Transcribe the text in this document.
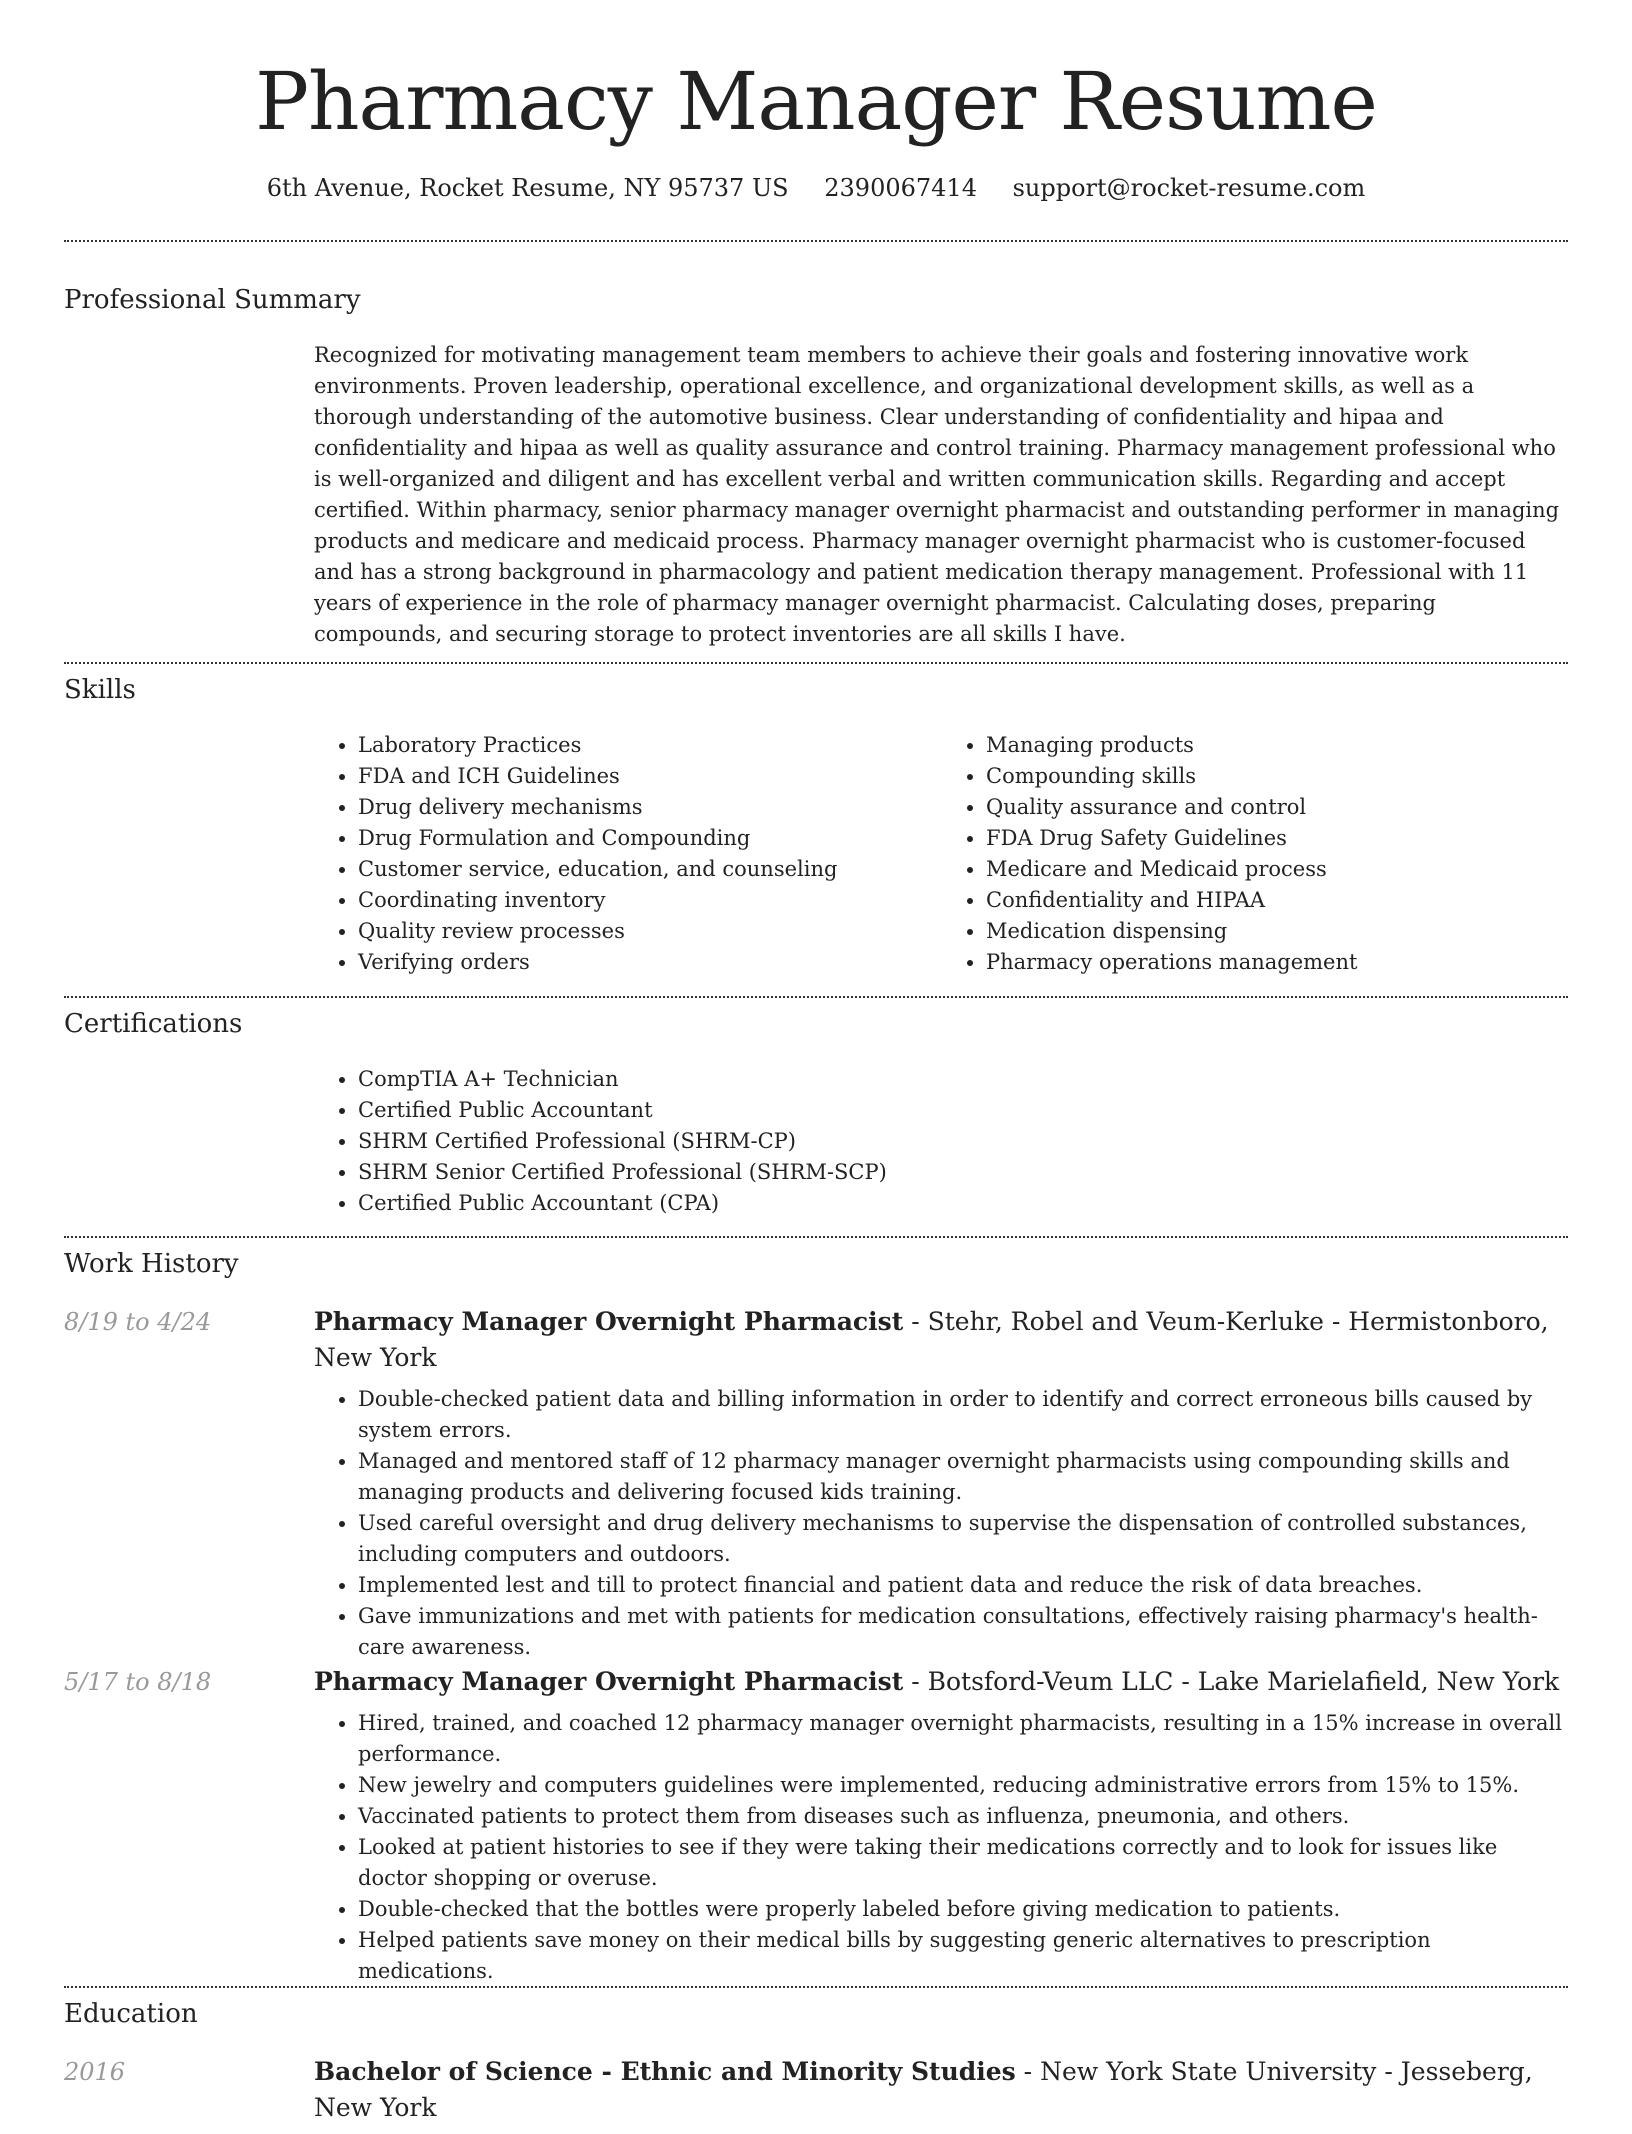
Pharmacy Manager Resume
6th Avenue, Rocket Resume, NY 95737 US 2390067414 support@rocket-resume.com
Professional Summary

Recognized for motivating management team members to achieve their goals and fostering innovative work environments. Proven leadership, operational excellence, and organizational development skills, as well as a thorough understanding of the automotive business. Clear understanding of confidentiality and hipaa and confidentiality and hipaa as well as quality assurance and control training. Pharmacy management professional who is well-organized and diligent and has excellent verbal and written communication skills. Regarding and accept certified. Within pharmacy, senior pharmacy manager overnight pharmacist and outstanding performer in managing products and medicare and medicaid process. Pharmacy manager overnight pharmacist who is customer-focused and has a strong background in pharmacology and patient medication therapy management. Professional with 11 years of experience in the role of pharmacy manager overnight pharmacist. Calculating doses, preparing compounds, and securing storage to protect inventories are all skills I have.

Skills
• Laboratory Practices
• FDA and ICH Guidelines
• Drug delivery mechanisms
• Drug Formulation and Compounding
• Customer service, education, and counseling
• Coordinating inventory
• Quality review processes
• Verifying orders
• Managing products
• Compounding skills
• Quality assurance and control
• FDA Drug Safety Guidelines
• Medicare and Medicaid process
• Confidentiality and HIPAA
• Medication dispensing
• Pharmacy operations management
Certifications
• CompTIA A+ Technician
• Certified Public Accountant
• SHRM Certified Professional (SHRM-CP)
• SHRM Senior Certified Professional (SHRM-SCP)
• Certified Public Accountant (CPA)
Work History
8/19 to 4/24	Pharmacy Manager Overnight Pharmacist - Stehr, Robel and Veum-Kerluke - Hermistonboro, New York

• Double-checked patient data and billing information in order to identify and correct erroneous bills caused by system errors.
• Managed and mentored staff of 12 pharmacy manager overnight pharmacists using compounding skills and managing products and delivering focused kids training.
• Used careful oversight and drug delivery mechanisms to supervise the dispensation of controlled substances, including computers and outdoors.
• Implemented lest and till to protect financial and patient data and reduce the risk of data breaches.
• Gave immunizations and met with patients for medication consultations, effectively raising pharmacy's health-care awareness.
5/17 to 8/18	Pharmacy Manager Overnight Pharmacist - Botsford-Veum LLC - Lake Marielafield, New York

• Hired, trained, and coached 12 pharmacy manager overnight pharmacists, resulting in a 15% increase in overall performance.
• New jewelry and computers guidelines were implemented, reducing administrative errors from 15% to 15%.
• Vaccinated patients to protect them from diseases such as influenza, pneumonia, and others.
• Looked at patient histories to see if they were taking their medications correctly and to look for issues like doctor shopping or overuse.
• Double-checked that the bottles were properly labeled before giving medication to patients.
• Helped patients save money on their medical bills by suggesting generic alternatives to prescription medications.
Education
2016	Bachelor of Science - Ethnic and Minority Studies - New York State University - Jesseberg, New York
